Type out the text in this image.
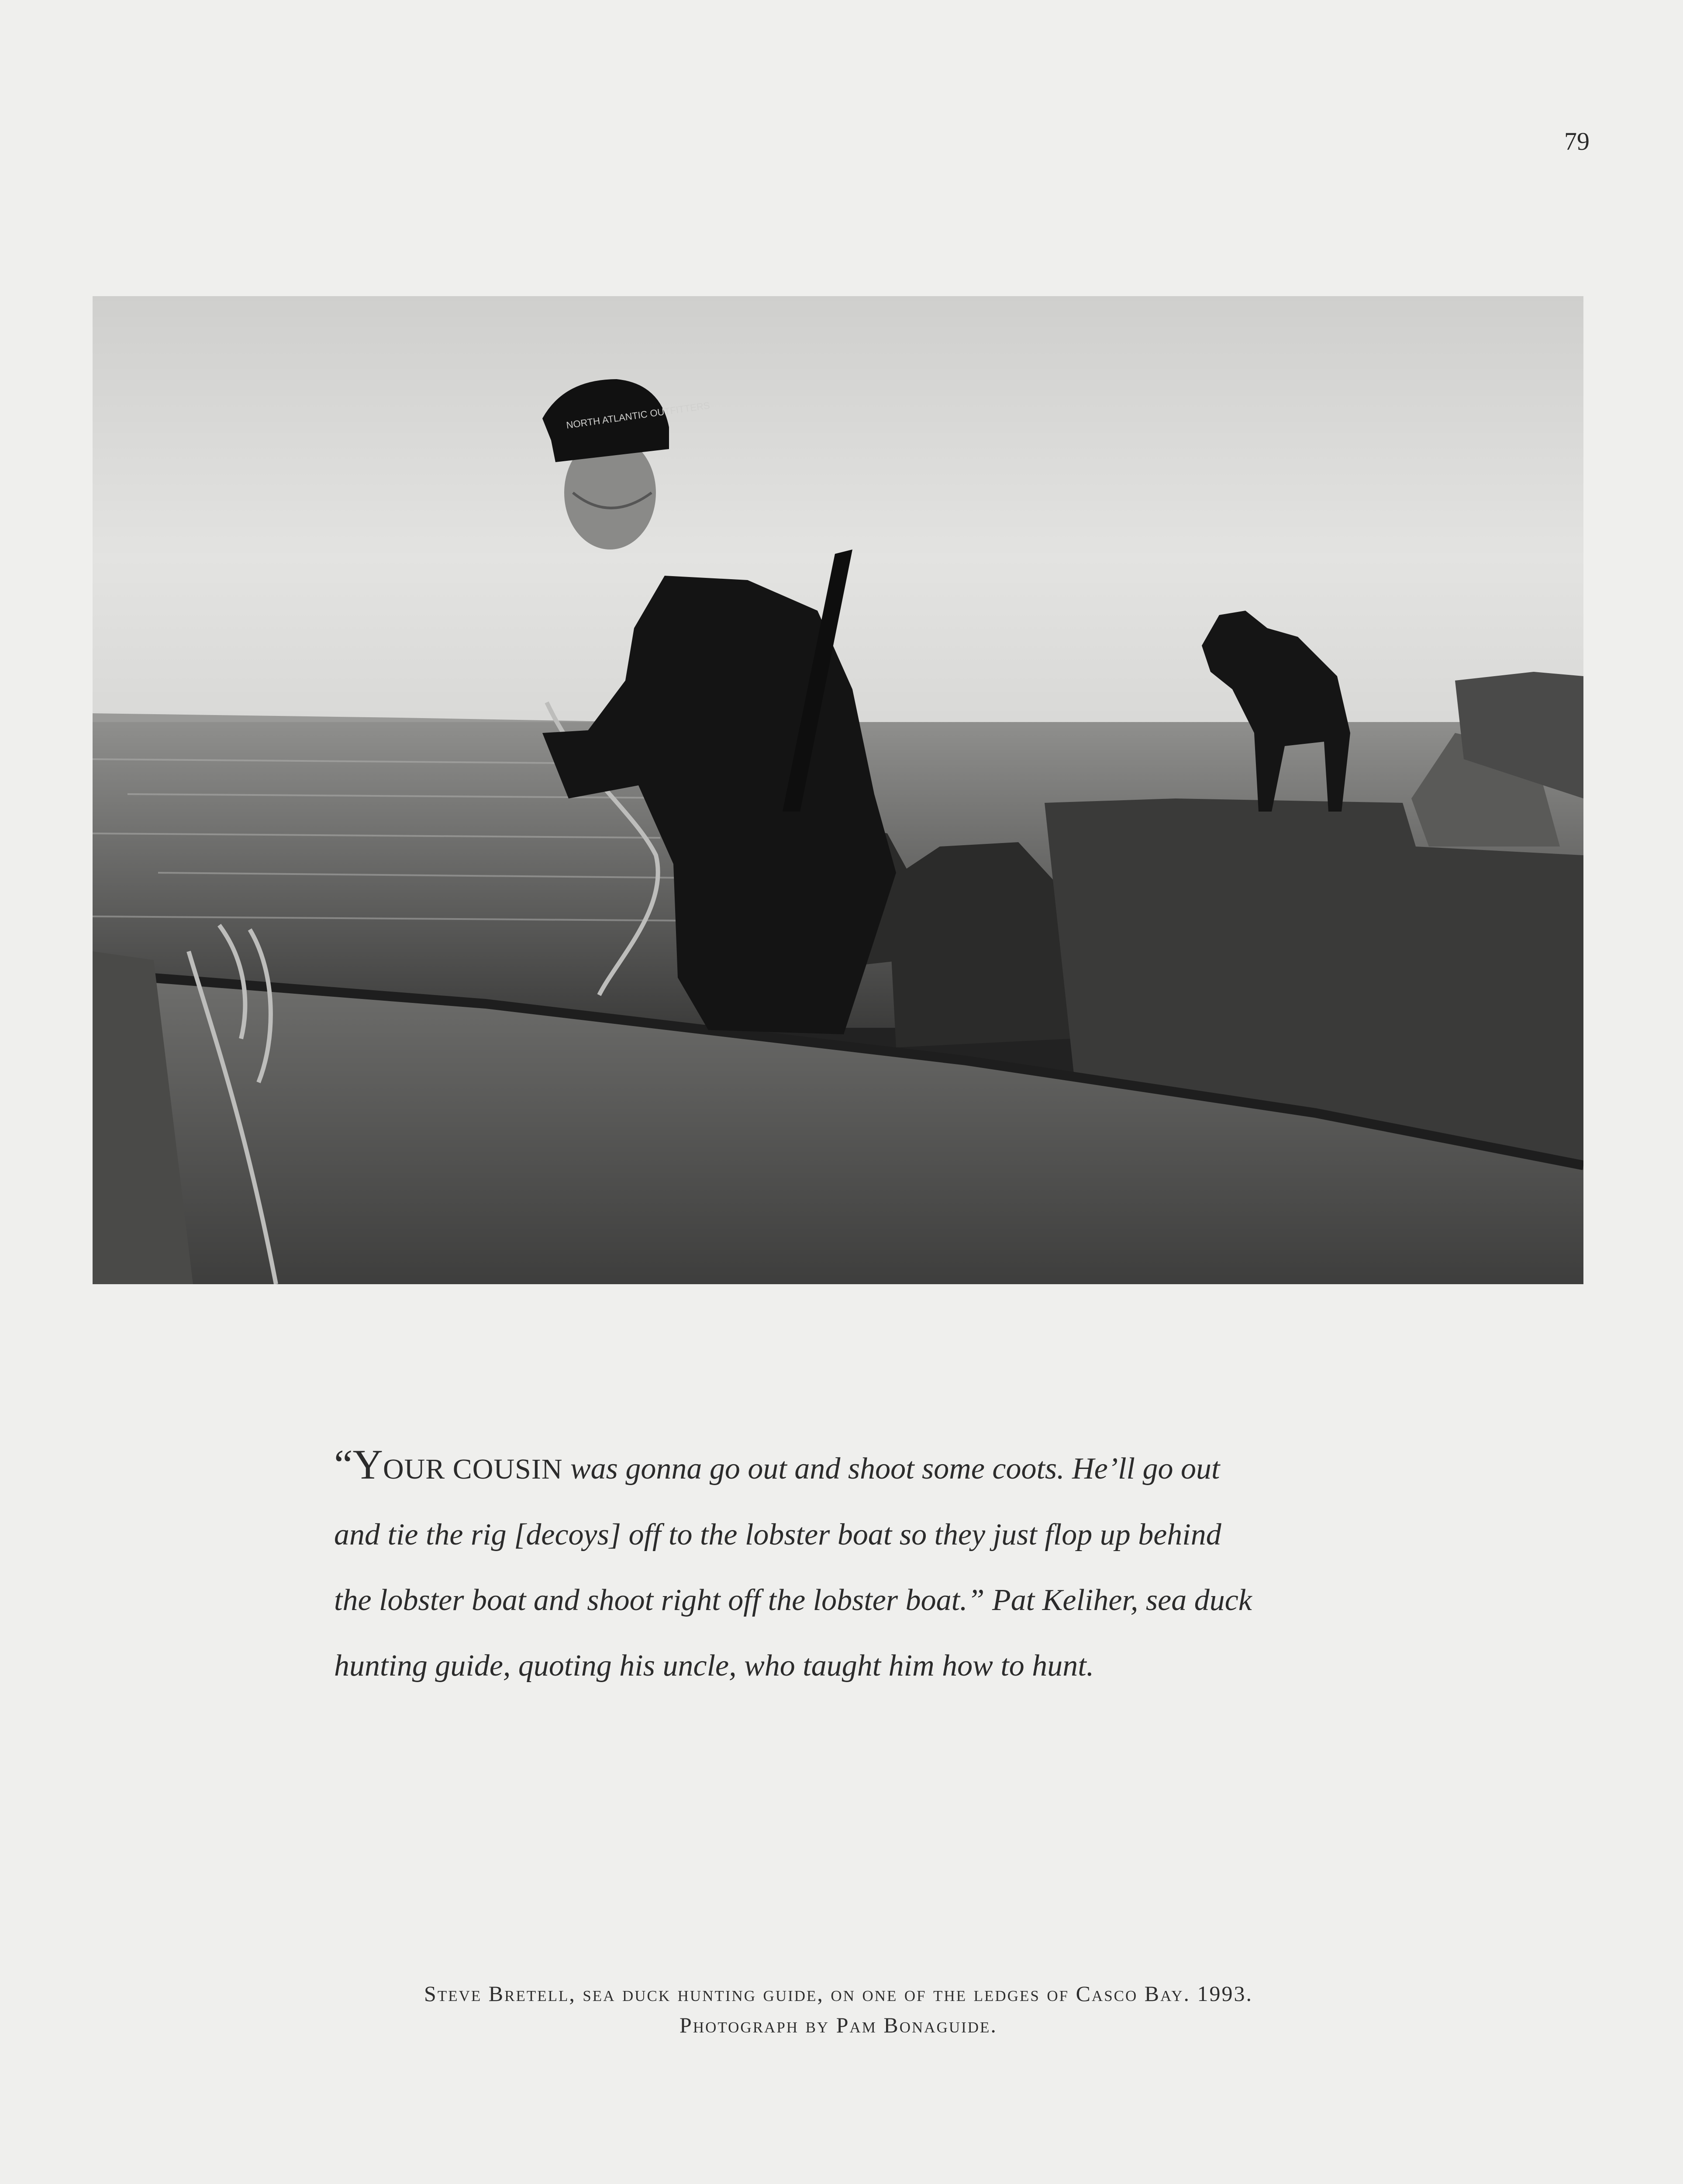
79
NORTH ATLANTIC OUTFITTERS

“YOUR COUSIN was gonna go out and shoot some coots. He’ll go out

and tie the rig [decoys] off to the lobster boat so they just flop up behind

the lobster boat and shoot right off the lobster boat.” Pat Keliher, sea duck

hunting guide, quoting his uncle, who taught him how to hunt.

Steve Bretell, sea duck hunting guide, on one of the ledges of Casco Bay. 1993.

Photograph by Pam Bonaguide.
